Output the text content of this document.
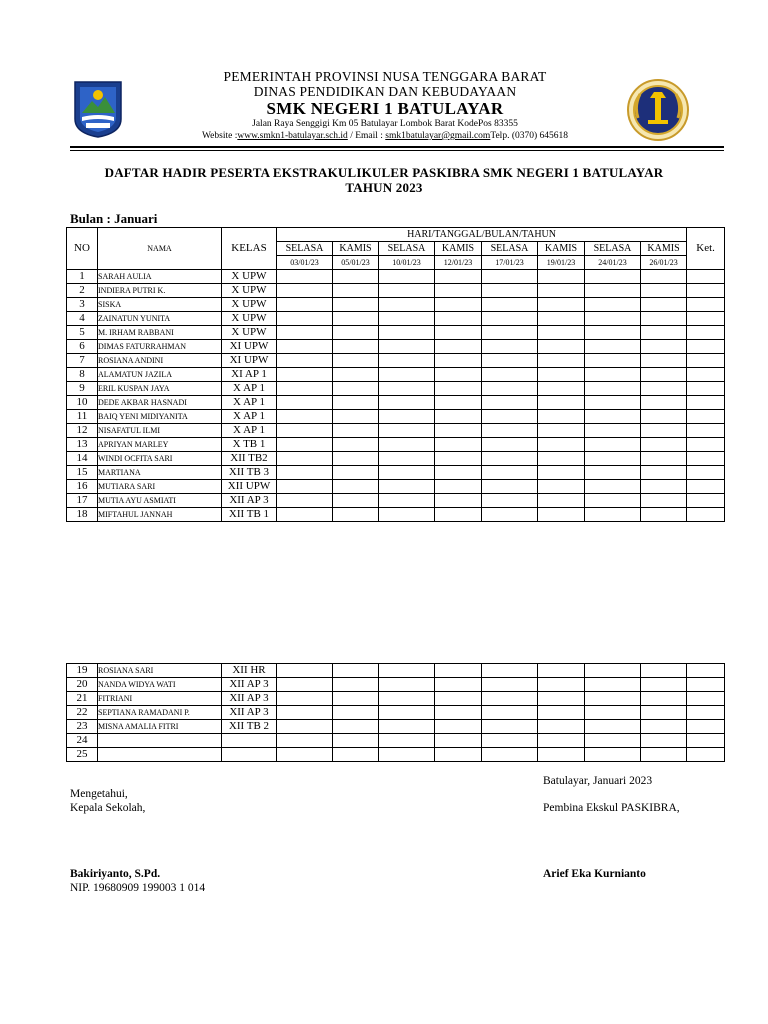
PEMERINTAH PROVINSI NUSA TENGGARA BARAT
DINAS PENDIDIKAN DAN KEBUDAYAAN
SMK NEGERI 1 BATULAYAR
Jalan Raya Senggigi Km 05 Batulayar Lombok Barat KodePos 83355
Website :www.smkn1-batulayar.sch.id / Email : smk1batulayar@gmail.comTelp. (0370) 645618
DAFTAR HADIR PESERTA EKSTRAKULIKULER PASKIBRA SMK NEGERI 1 BATULAYAR
TAHUN 2023
Bulan : Januari
NO	NAMA	KELAS	HARI/TANGGAL/BULAN/TAHUN								Ket.
			SELASA	KAMIS	SELASA	KAMIS	SELASA	KAMIS	SELASA	KAMIS	
			03/01/23	05/01/23	10/01/23	12/01/23	17/01/23	19/01/23	24/01/23	26/01/23	
1	SARAH AULIA	X UPW									
2	INDIERA PUTRI K.	X UPW									
3	SISKA	X UPW									
4	ZAINATUN YUNITA	X UPW									
5	M. IRHAM RABBANI	X UPW									
6	DIMAS FATURRAHMAN	XI UPW									
7	ROSIANA ANDINI	XI UPW									
8	ALAMATUN JAZILA	XI AP 1									
9	ERIL KUSPAN JAYA	X AP 1									
10	DEDE AKBAR HASNADI	X AP 1									
11	BAIQ YENI MIDIYANITA	X AP 1									
12	NISAFATUL ILMI	X AP 1									
13	APRIYAN MARLEY	X TB 1									
14	WINDI OCFITA SARI	XII TB2									
15	MARTIANA	XII TB 3									
16	MUTIARA SARI	XII UPW									
17	MUTIA AYU ASMIATI	XII AP 3									
18	MIFTAHUL JANNAH	XII TB 1									
19	ROSIANA SARI	XII HR									
20	NANDA WIDYA WATI	XII AP 3									
21	FITRIANI	XII AP 3									
22	SEPTIANA RAMADANI P.	XII AP 3									
23	MISNA AMALIA FITRI	XII TB 2									
24											
25											
Batulayar, Januari 2023
Mengetahui,
Kepala Sekolah,	Pembina Ekskul PASKIBRA,
Bakiriyanto, S.Pd.
NIP. 19680909 199003 1 014
Arief Eka Kurnianto
